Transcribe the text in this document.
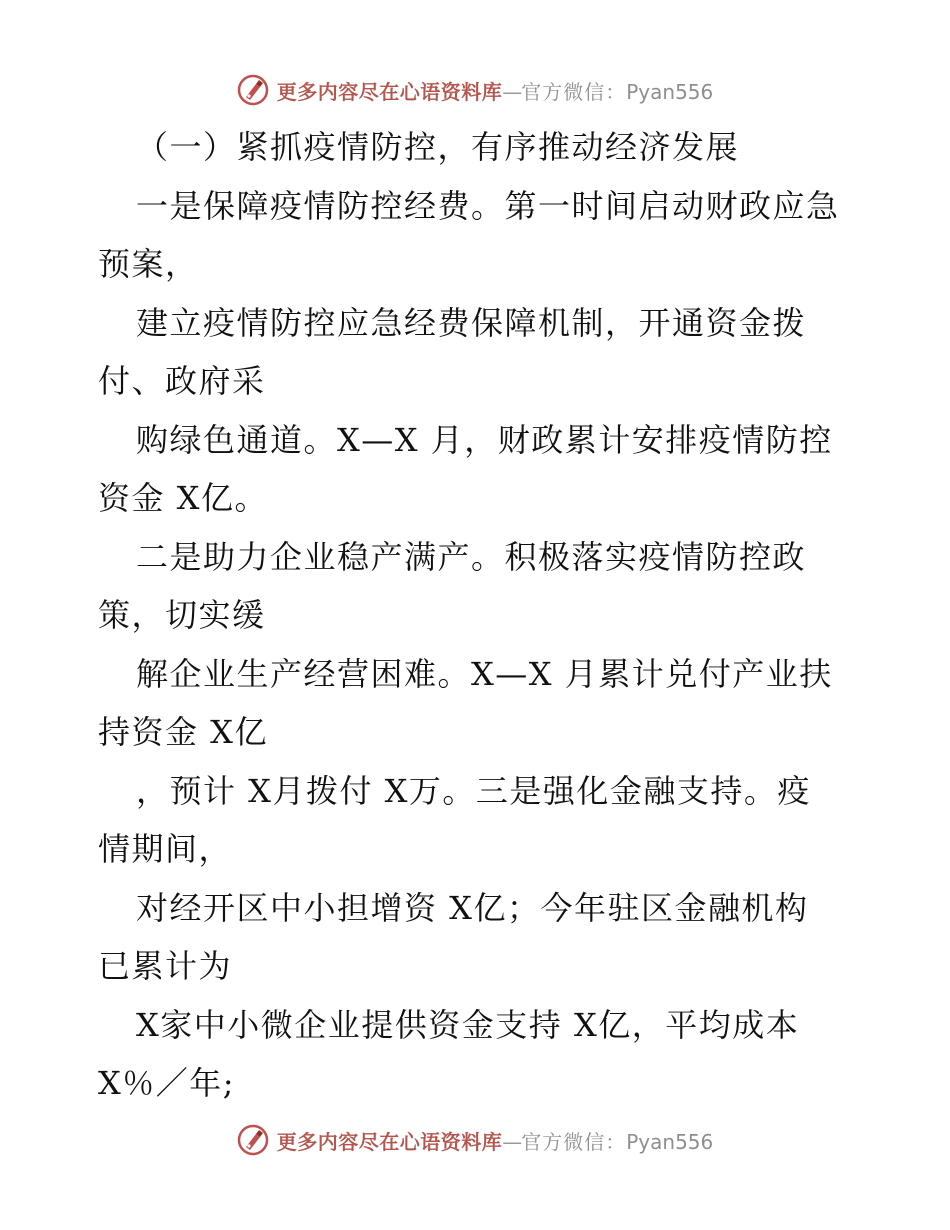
更多内容尽在心语资料库 — 官方微信： Pyan556
（一）紧抓疫情防控，有序推动经济发展
一是保障疫情防控经费。第一时间启动财政应急
预案，
建立疫情防控应急经费保障机制，开通资金拨
付、政府采
购绿色通道。X—X 月，财政累计安排疫情防控
资金 X亿。
二是助力企业稳产满产。积极落实疫情防控政
策，切实缓
解企业生产经营困难。X—X 月累计兑付产业扶
持资金 X亿
，预计 X月拨付 X万。三是强化金融支持。疫
情期间，
对经开区中小担增资 X亿；今年驻区金融机构
已累计为
X家中小微企业提供资金支持 X亿，平均成本
X％／年;
更多内容尽在心语资料库 — 官方微信： Pyan556
